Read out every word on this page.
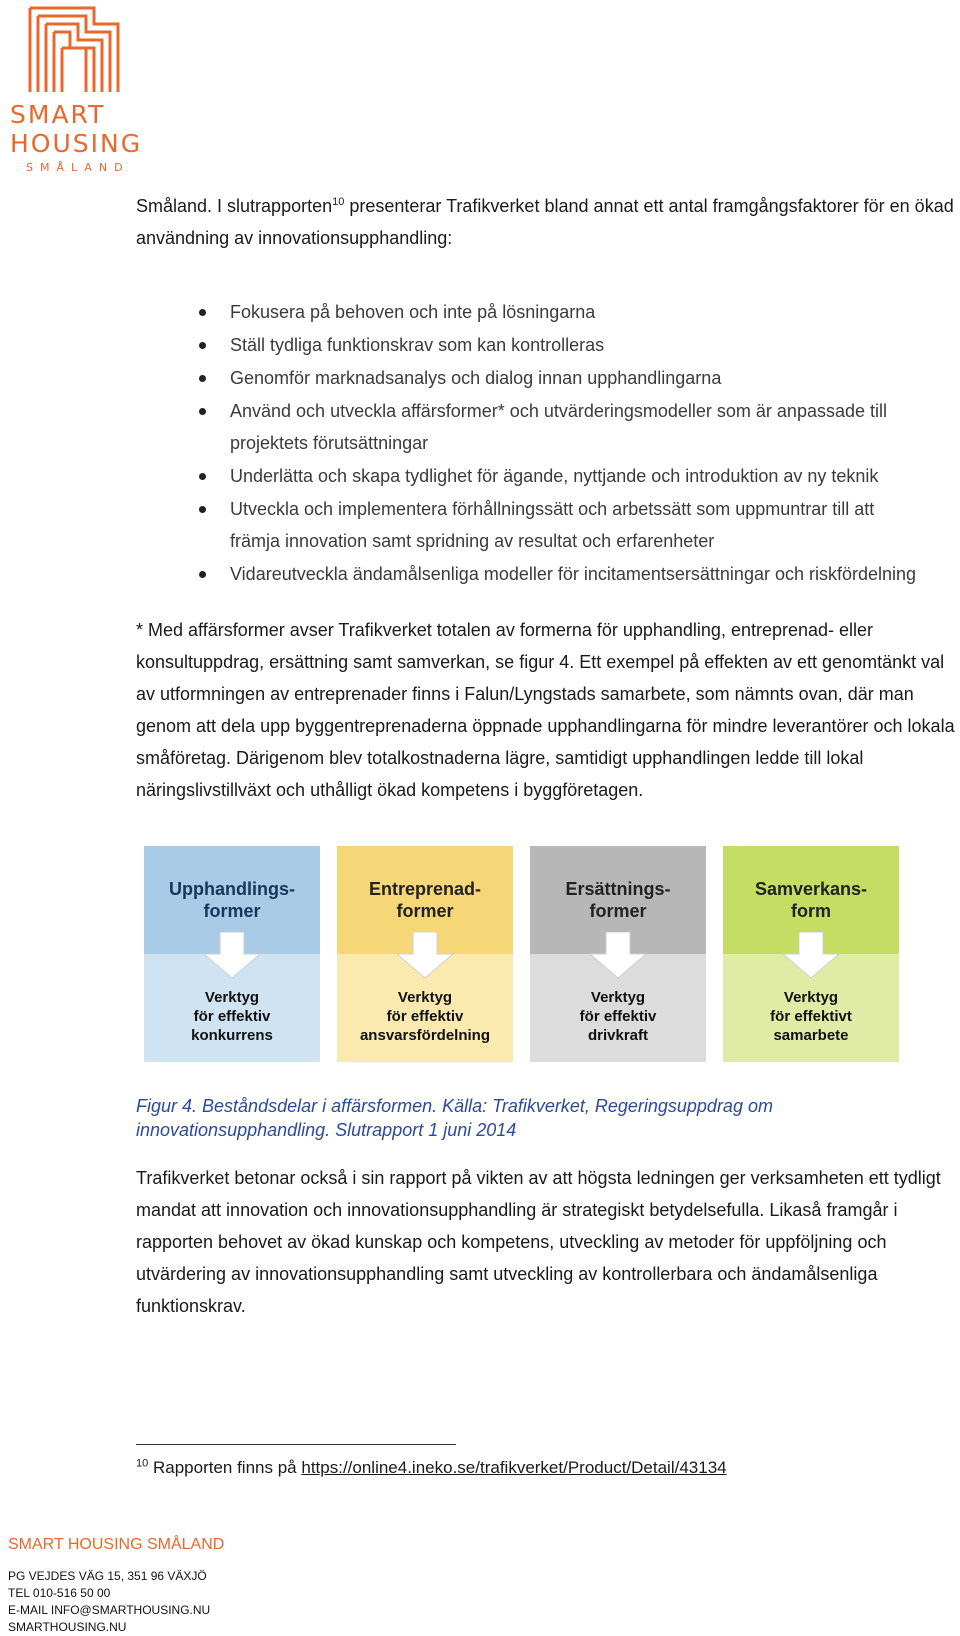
SMART
HOUSING
SMÅLAND
Småland. I slutrapporten$^{10}$ presenterar Trafikverket bland annat ett antal framgångsfaktorer för en ökad användning av innovationsupphandling:
Fokusera på behoven och inte på lösningarna
Ställ tydliga funktionskrav som kan kontrolleras
Genomför marknadsanalys och dialog innan upphandlingarna
Använd och utveckla affärsformer* och utvärderingsmodeller som är anpassade till projektets förutsättningar
Underlätta och skapa tydlighet för ägande, nyttjande och introduktion av ny teknik
Utveckla och implementera förhållningssätt och arbetssätt som uppmuntrar till att främja innovation samt spridning av resultat och erfarenheter
Vidareutveckla ändamålsenliga modeller för incitamentsersättningar och riskfördelning
* Med affärsformer avser Trafikverket totalen av formerna för upphandling, entreprenad- eller konsultuppdrag, ersättning samt samverkan, se figur 4. Ett exempel på effekten av ett genomtänkt val av utformningen av entreprenader finns i Falun/Lyngstads samarbete, som nämnts ovan, där man genom att dela upp byggentreprenaderna öppnade upphandlingarna för mindre leverantörer och lokala småföretag. Därigenom blev totalkostnaderna lägre, samtidigt upphandlingen ledde till lokal näringslivstillväxt och uthålligt ökad kompetens i byggföretagen.
Upphandlings-
former
Verktyg
för effektiv
konkurrens
Entreprenad-
former
Verktyg
för effektiv
ansvarsfördelning
Ersättnings-
former
Verktyg
för effektiv
drivkraft
Samverkans-
form
Verktyg
för effektivt
samarbete
Figur 4. Beståndsdelar i affärsformen. Källa: Trafikverket, Regeringsuppdrag om innovationsupphandling. Slutrapport 1 juni 2014
Trafikverket betonar också i sin rapport på vikten av att högsta ledningen ger verksamheten ett tydligt mandat att innovation och innovationsupphandling är strategiskt betydelsefulla. Likaså framgår i rapporten behovet av ökad kunskap och kompetens, utveckling av metoder för uppföljning och utvärdering av innovationsupphandling samt utveckling av kontrollerbara och ändamålsenliga funktionskrav.
$^{10}$ Rapporten finns på https://online4.ineko.se/trafikverket/Product/Detail/43134
SMART HOUSING SMÅLAND
PG VEJDES VÄG 15, 351 96 VÄXJÖ
TEL 010-516 50 00
E-MAIL INFO@SMARTHOUSING.NU
SMARTHOUSING.NU
